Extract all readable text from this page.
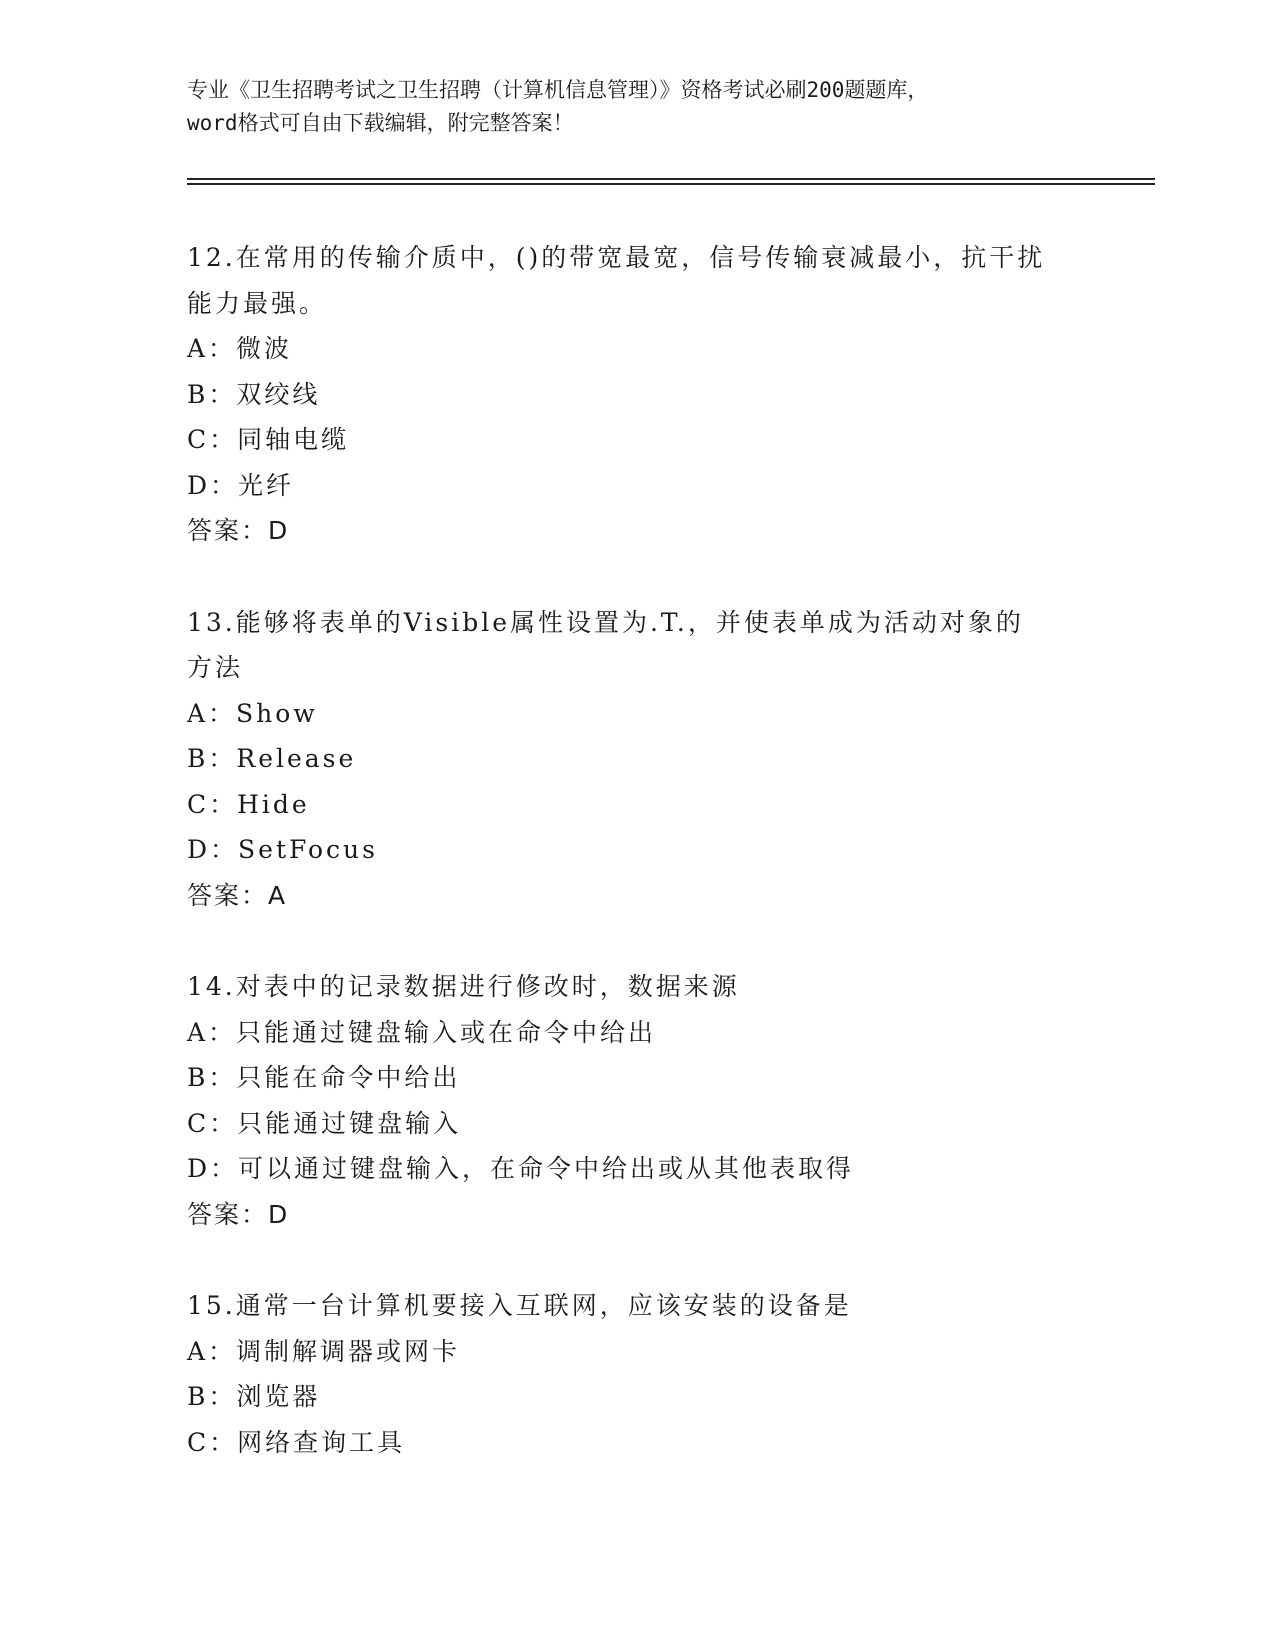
专业《卫生招聘考试之卫生招聘（计算机信息管理）》资格考试必刷200题题库，
word格式可自由下载编辑，附完整答案！
12.在常用的传输介质中，()的带宽最宽，信号传输衰减最小，抗干扰
能力最强。
A：微波
B：双绞线
C：同轴电缆
D：光纤
答案：D
13.能够将表单的Visible属性设置为.T.，并使表单成为活动对象的
方法
A：Show
B：Release
C：Hide
D：SetFocus
答案：A
14.对表中的记录数据进行修改时，数据来源
A：只能通过键盘输入或在命令中给出
B：只能在命令中给出
C：只能通过键盘输入
D：可以通过键盘输入，在命令中给出或从其他表取得
答案：D
15.通常一台计算机要接入互联网，应该安装的设备是
A：调制解调器或网卡
B：浏览器
C：网络查询工具
